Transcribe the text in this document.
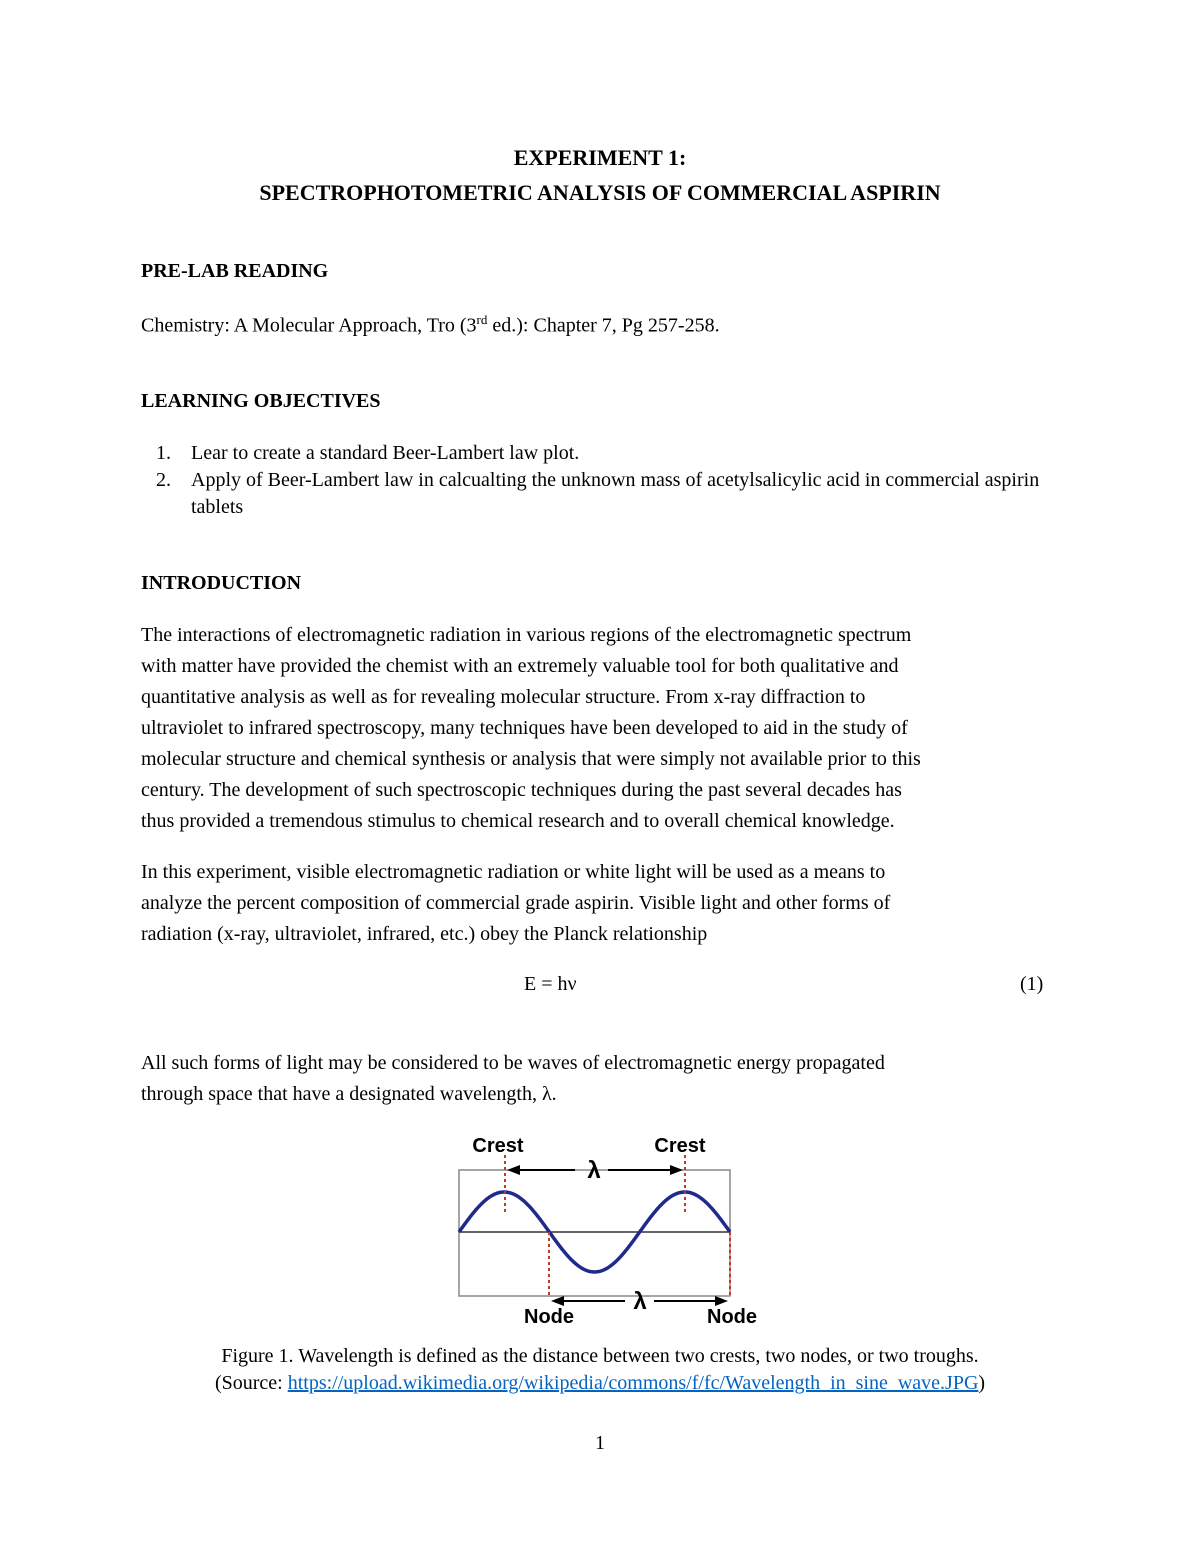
EXPERIMENT 1:

SPECTROPHOTOMETRIC ANALYSIS OF COMMERCIAL ASPIRIN

PRE-LAB READING

Chemistry: A Molecular Approach, Tro (3rd ed.): Chapter 7, Pg 257-258.

LEARNING OBJECTIVES

1. Lear to create a standard Beer-Lambert law plot.
2. Apply of Beer-Lambert law in calcualting the unknown mass of acetylsalicylic acid in commercial aspirin tablets

INTRODUCTION

The interactions of electromagnetic radiation in various regions of the electromagnetic spectrum
with matter have provided the chemist with an extremely valuable tool for both qualitative and
quantitative analysis as well as for revealing molecular structure. From x-ray diffraction to
ultraviolet to infrared spectroscopy, many techniques have been developed to aid in the study of
molecular structure and chemical synthesis or analysis that were simply not available prior to this
century. The development of such spectroscopic techniques during the past several decades has
thus provided a tremendous stimulus to chemical research and to overall chemical knowledge.
In this experiment, visible electromagnetic radiation or white light will be used as a means to
analyze the percent composition of commercial grade aspirin. Visible light and other forms of
radiation (x-ray, ultraviolet, infrared, etc.) obey the Planck relationship

E = hν	(1)

All such forms of light may be considered to be waves of electromagnetic energy propagated
through space that have a designated wavelength, λ.
Crest	Crest
λ
λ
Node	Node

Figure 1. Wavelength is defined as the distance between two crests, two nodes, or two troughs.

(Source: https://upload.wikimedia.org/wikipedia/commons/f/fc/Wavelength_in_sine_wave.JPG)

1
